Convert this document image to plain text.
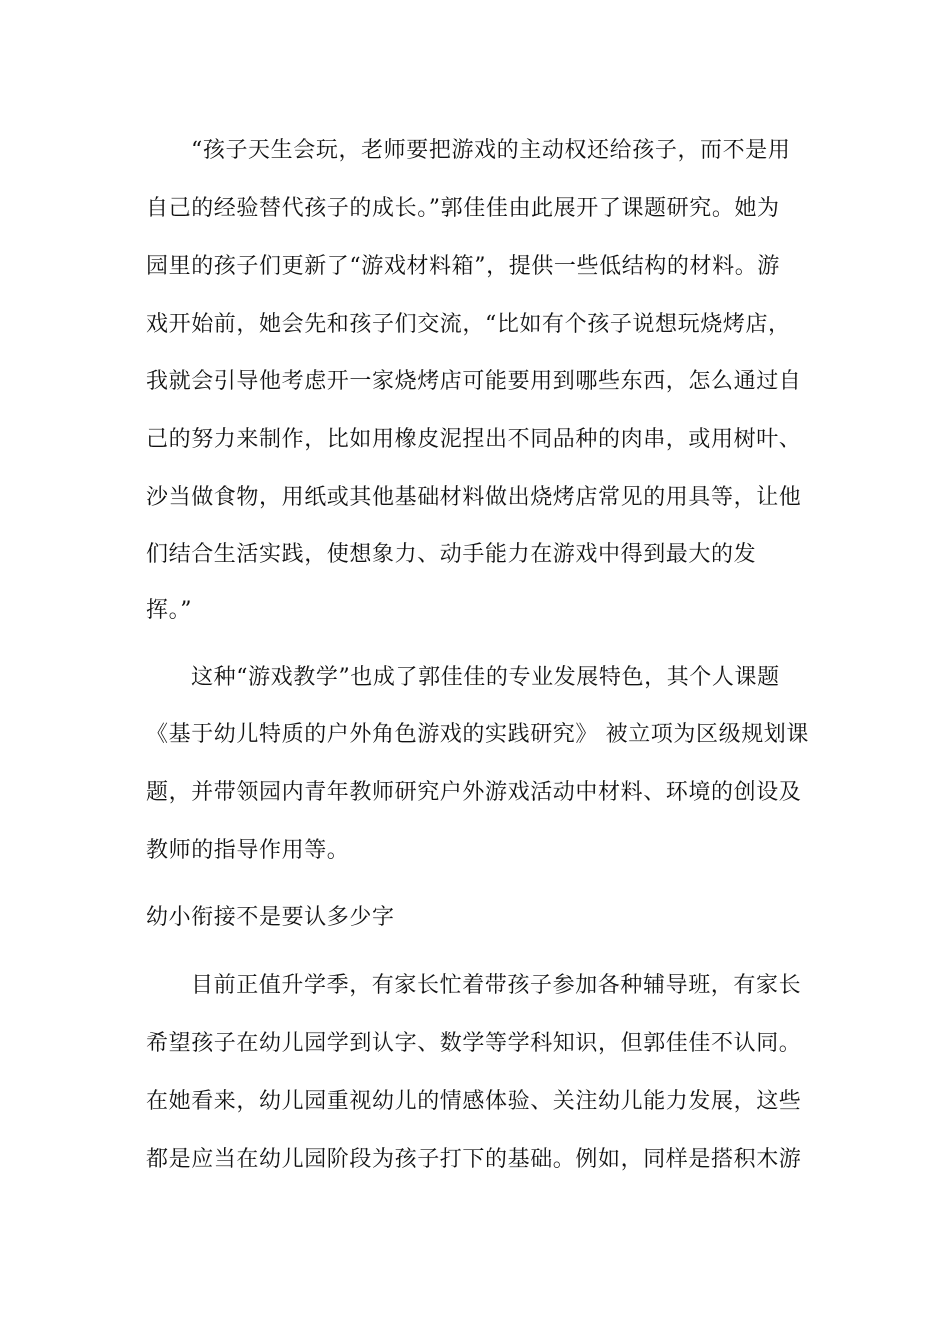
“孩子天生会玩，老师要把游戏的主动权还给孩子，而不是用
自己的经验替代孩子的成长。”郭佳佳由此展开了课题研究。她为
园里的孩子们更新了“游戏材料箱”，提供一些低结构的材料。游
戏开始前，她会先和孩子们交流，“比如有个孩子说想玩烧烤店，
我就会引导他考虑开一家烧烤店可能要用到哪些东西，怎么通过自
己的努力来制作，比如用橡皮泥捏出不同品种的肉串，或用树叶、
沙当做食物，用纸或其他基础材料做出烧烤店常见的用具等，让他
们结合生活实践，使想象力、动手能力在游戏中得到最大的发
挥。”
这种“游戏教学”也成了郭佳佳的专业发展特色，其个人课题
《基于幼儿特质的户外角色游戏的实践研究》 被立项为区级规划课
题，并带领园内青年教师研究户外游戏活动中材料、环境的创设及
教师的指导作用等。
幼小衔接不是要认多少字
目前正值升学季，有家长忙着带孩子参加各种辅导班，有家长
希望孩子在幼儿园学到认字、数学等学科知识，但郭佳佳不认同。
在她看来，幼儿园重视幼儿的情感体验、关注幼儿能力发展，这些
都是应当在幼儿园阶段为孩子打下的基础。例如，同样是搭积木游
